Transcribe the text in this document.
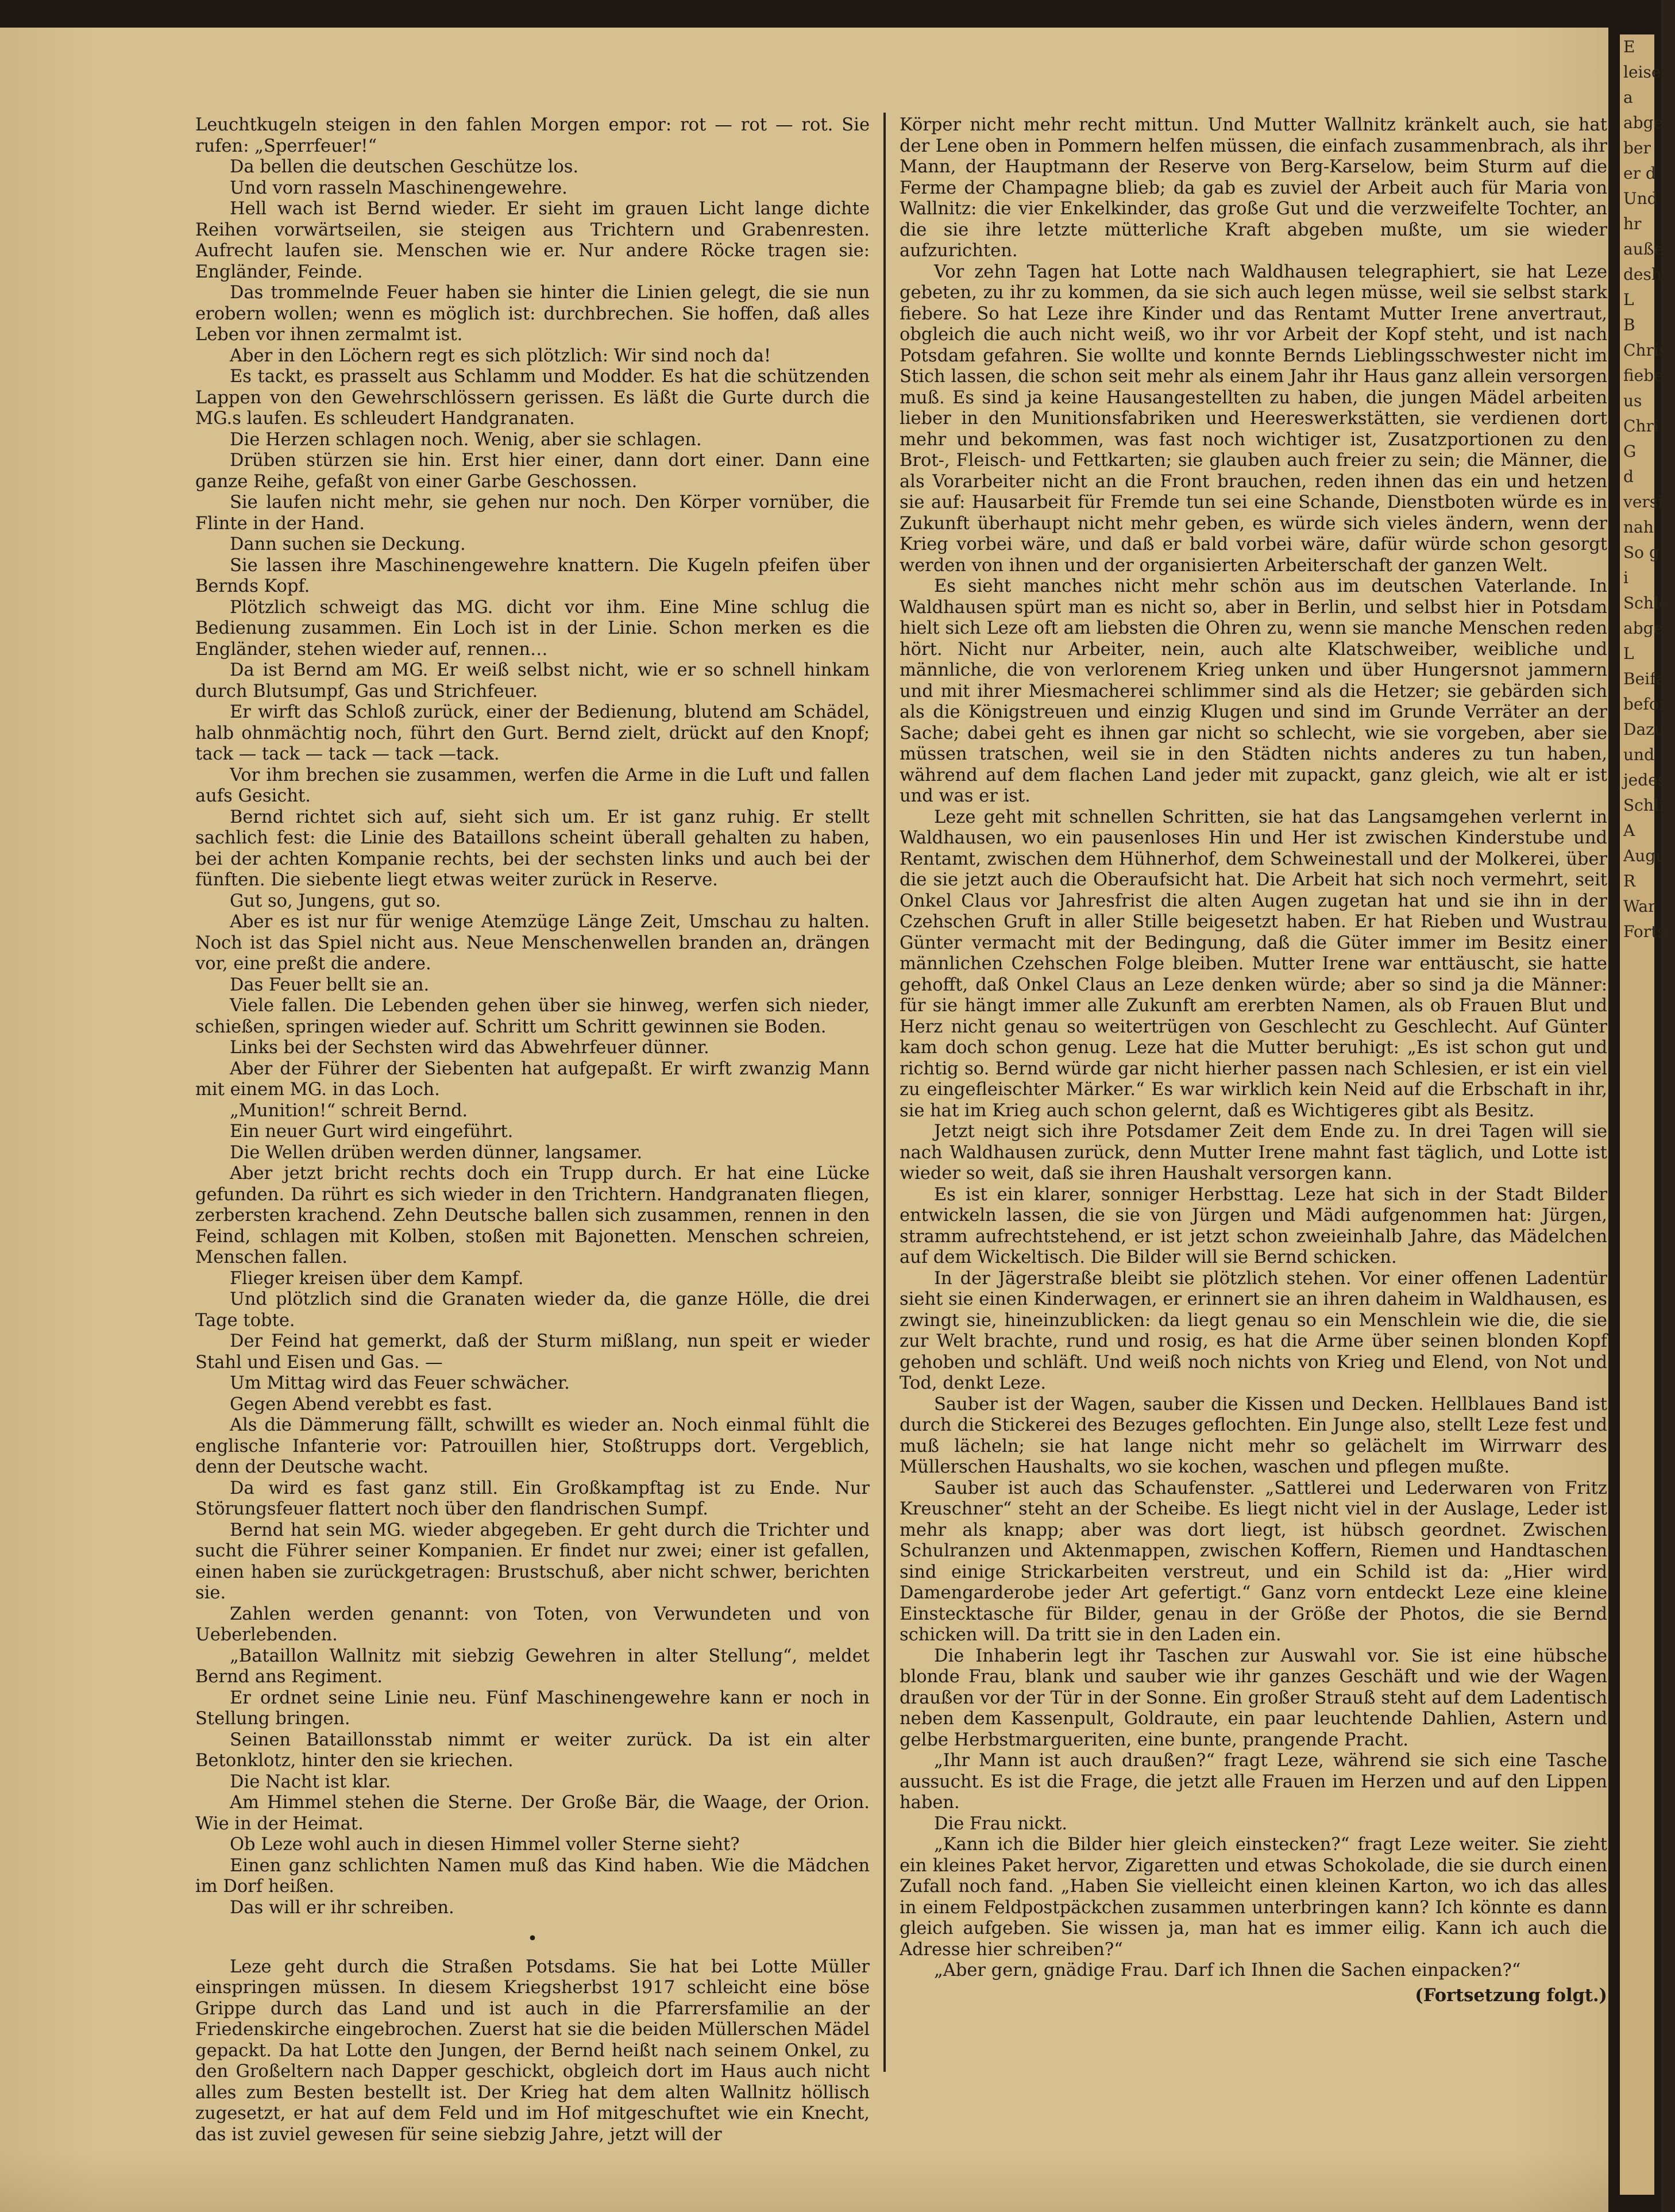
Leuchtkugeln steigen in den fahlen Morgen empor: rot — rot — rot. Sie rufen: „Sperrfeuer!“

Da bellen die deutschen Geschütze los.

Und vorn rasseln Maschinengewehre.

Hell wach ist Bernd wieder. Er sieht im grauen Licht lange dichte Reihen vorwärtseilen, sie steigen aus Trichtern und Grabenresten. Aufrecht laufen sie. Menschen wie er. Nur andere Röcke tragen sie: Engländer, Feinde.

Das trommelnde Feuer haben sie hinter die Linien gelegt, die sie nun erobern wollen; wenn es möglich ist: durchbrechen. Sie hoffen, daß alles Leben vor ihnen zermalmt ist.

Aber in den Löchern regt es sich plötzlich: Wir sind noch da!

Es tackt, es prasselt aus Schlamm und Modder. Es hat die schützenden Lappen von den Gewehrschlössern gerissen. Es läßt die Gurte durch die MG.s laufen. Es schleudert Handgranaten.

Die Herzen schlagen noch. Wenig, aber sie schlagen.

Drüben stürzen sie hin. Erst hier einer, dann dort einer. Dann eine ganze Reihe, gefaßt von einer Garbe Geschossen.

Sie laufen nicht mehr, sie gehen nur noch. Den Körper vornüber, die Flinte in der Hand.

Dann suchen sie Deckung.

Sie lassen ihre Maschinengewehre knattern. Die Kugeln pfeifen über Bernds Kopf.

Plötzlich schweigt das MG. dicht vor ihm. Eine Mine schlug die Bedienung zusammen. Ein Loch ist in der Linie. Schon merken es die Engländer, stehen wieder auf, rennen…

Da ist Bernd am MG. Er weiß selbst nicht, wie er so schnell hinkam durch Blutsumpf, Gas und Strichfeuer.

Er wirft das Schloß zurück, einer der Bedienung, blutend am Schädel, halb ohnmächtig noch, führt den Gurt. Bernd zielt, drückt auf den Knopf; tack — tack — tack — tack —tack.

Vor ihm brechen sie zusammen, werfen die Arme in die Luft und fallen aufs Gesicht.

Bernd richtet sich auf, sieht sich um. Er ist ganz ruhig. Er stellt sachlich fest: die Linie des Bataillons scheint überall gehalten zu haben, bei der achten Kompanie rechts, bei der sechsten links und auch bei der fünften. Die siebente liegt etwas weiter zurück in Reserve.

Gut so, Jungens, gut so.

Aber es ist nur für wenige Atemzüge Länge Zeit, Umschau zu halten. Noch ist das Spiel nicht aus. Neue Menschenwellen branden an, drängen vor, eine preßt die andere.

Das Feuer bellt sie an.

Viele fallen. Die Lebenden gehen über sie hinweg, werfen sich nieder, schießen, springen wieder auf. Schritt um Schritt gewinnen sie Boden.

Links bei der Sechsten wird das Abwehrfeuer dünner.

Aber der Führer der Siebenten hat aufgepaßt. Er wirft zwanzig Mann mit einem MG. in das Loch.

„Munition!“ schreit Bernd.

Ein neuer Gurt wird eingeführt.

Die Wellen drüben werden dünner, langsamer.

Aber jetzt bricht rechts doch ein Trupp durch. Er hat eine Lücke gefunden. Da rührt es sich wieder in den Trichtern. Handgranaten fliegen, zerbersten krachend. Zehn Deutsche ballen sich zusammen, rennen in den Feind, schlagen mit Kolben, stoßen mit Bajonetten. Menschen schreien, Menschen fallen.

Flieger kreisen über dem Kampf.

Und plötzlich sind die Granaten wieder da, die ganze Hölle, die drei Tage tobte.

Der Feind hat gemerkt, daß der Sturm mißlang, nun speit er wieder Stahl und Eisen und Gas. —

Um Mittag wird das Feuer schwächer.

Gegen Abend verebbt es fast.

Als die Dämmerung fällt, schwillt es wieder an. Noch einmal fühlt die englische Infanterie vor: Patrouillen hier, Stoßtrupps dort. Vergeblich, denn der Deutsche wacht.

Da wird es fast ganz still. Ein Großkampftag ist zu Ende. Nur Störungsfeuer flattert noch über den flandrischen Sumpf.

Bernd hat sein MG. wieder abgegeben. Er geht durch die Trichter und sucht die Führer seiner Kompanien. Er findet nur zwei; einer ist gefallen, einen haben sie zurückgetragen: Brustschuß, aber nicht schwer, berichten sie.

Zahlen werden genannt: von Toten, von Verwundeten und von Ueberlebenden.

„Bataillon Wallnitz mit siebzig Gewehren in alter Stellung“, meldet Bernd ans Regiment.

Er ordnet seine Linie neu. Fünf Maschinengewehre kann er noch in Stellung bringen.

Seinen Bataillonsstab nimmt er weiter zurück. Da ist ein alter Betonklotz, hinter den sie kriechen.

Die Nacht ist klar.

Am Himmel stehen die Sterne. Der Große Bär, die Waage, der Orion. Wie in der Heimat.

Ob Leze wohl auch in diesen Himmel voller Sterne sieht?

Einen ganz schlichten Namen muß das Kind haben. Wie die Mädchen im Dorf heißen.

Das will er ihr schreiben.

•

Leze geht durch die Straßen Potsdams. Sie hat bei Lotte Müller einspringen müssen. In diesem Kriegsherbst 1917 schleicht eine böse Grippe durch das Land und ist auch in die Pfarrersfamilie an der Friedenskirche eingebrochen. Zuerst hat sie die beiden Müllerschen Mädel gepackt. Da hat Lotte den Jungen, der Bernd heißt nach seinem Onkel, zu den Großeltern nach Dapper geschickt, obgleich dort im Haus auch nicht alles zum Besten bestellt ist. Der Krieg hat dem alten Wallnitz höllisch zugesetzt, er hat auf dem Feld und im Hof mitgeschuftet wie ein Knecht, das ist zuviel gewesen für seine siebzig Jahre, jetzt will der

Körper nicht mehr recht mittun. Und Mutter Wallnitz kränkelt auch, sie hat der Lene oben in Pommern helfen müssen, die einfach zusammenbrach, als ihr Mann, der Hauptmann der Reserve von Berg-Karselow, beim Sturm auf die Ferme der Champagne blieb; da gab es zuviel der Arbeit auch für Maria von Wallnitz: die vier Enkelkinder, das große Gut und die verzweifelte Tochter, an die sie ihre letzte mütterliche Kraft abgeben mußte, um sie wieder aufzurichten.

Vor zehn Tagen hat Lotte nach Waldhausen telegraphiert, sie hat Leze gebeten, zu ihr zu kommen, da sie sich auch legen müsse, weil sie selbst stark fiebere. So hat Leze ihre Kinder und das Rentamt Mutter Irene anvertraut, obgleich die auch nicht weiß, wo ihr vor Arbeit der Kopf steht, und ist nach Potsdam gefahren. Sie wollte und konnte Bernds Lieblingsschwester nicht im Stich lassen, die schon seit mehr als einem Jahr ihr Haus ganz allein versorgen muß. Es sind ja keine Hausangestellten zu haben, die jungen Mädel arbeiten lieber in den Munitionsfabriken und Heereswerkstätten, sie verdienen dort mehr und bekommen, was fast noch wichtiger ist, Zusatzportionen zu den Brot-, Fleisch- und Fettkarten; sie glauben auch freier zu sein; die Männer, die als Vorarbeiter nicht an die Front brauchen, reden ihnen das ein und hetzen sie auf: Hausarbeit für Fremde tun sei eine Schande, Dienstboten würde es in Zukunft überhaupt nicht mehr geben, es würde sich vieles ändern, wenn der Krieg vorbei wäre, und daß er bald vorbei wäre, dafür würde schon gesorgt werden von ihnen und der organisierten Arbeiterschaft der ganzen Welt.

Es sieht manches nicht mehr schön aus im deutschen Vaterlande. In Waldhausen spürt man es nicht so, aber in Berlin, und selbst hier in Potsdam hielt sich Leze oft am liebsten die Ohren zu, wenn sie manche Menschen reden hört. Nicht nur Arbeiter, nein, auch alte Klatschweiber, weibliche und männliche, die von verlorenem Krieg unken und über Hungersnot jammern und mit ihrer Miesmacherei schlimmer sind als die Hetzer; sie gebärden sich als die Königstreuen und einzig Klugen und sind im Grunde Verräter an der Sache; dabei geht es ihnen gar nicht so schlecht, wie sie vorgeben, aber sie müssen tratschen, weil sie in den Städten nichts anderes zu tun haben, während auf dem flachen Land jeder mit zupackt, ganz gleich, wie alt er ist und was er ist.

Leze geht mit schnellen Schritten, sie hat das Langsamgehen verlernt in Waldhausen, wo ein pausenloses Hin und Her ist zwischen Kinderstube und Rentamt, zwischen dem Hühnerhof, dem Schweinestall und der Molkerei, über die sie jetzt auch die Oberaufsicht hat. Die Arbeit hat sich noch vermehrt, seit Onkel Claus vor Jahresfrist die alten Augen zugetan hat und sie ihn in der Czehschen Gruft in aller Stille beigesetzt haben. Er hat Rieben und Wustrau Günter vermacht mit der Bedingung, daß die Güter immer im Besitz einer männlichen Czehschen Folge bleiben. Mutter Irene war enttäuscht, sie hatte gehofft, daß Onkel Claus an Leze denken würde; aber so sind ja die Männer: für sie hängt immer alle Zukunft am ererbten Namen, als ob Frauen Blut und Herz nicht genau so weitertrügen von Geschlecht zu Geschlecht. Auf Günter kam doch schon genug. Leze hat die Mutter beruhigt: „Es ist schon gut und richtig so. Bernd würde gar nicht hierher passen nach Schlesien, er ist ein viel zu eingefleischter Märker.“ Es war wirklich kein Neid auf die Erbschaft in ihr, sie hat im Krieg auch schon gelernt, daß es Wichtigeres gibt als Besitz.

Jetzt neigt sich ihre Potsdamer Zeit dem Ende zu. In drei Tagen will sie nach Waldhausen zurück, denn Mutter Irene mahnt fast täglich, und Lotte ist wieder so weit, daß sie ihren Haushalt versorgen kann.

Es ist ein klarer, sonniger Herbsttag. Leze hat sich in der Stadt Bilder entwickeln lassen, die sie von Jürgen und Mädi aufgenommen hat: Jürgen, stramm aufrechtstehend, er ist jetzt schon zweieinhalb Jahre, das Mädelchen auf dem Wickeltisch. Die Bilder will sie Bernd schicken.

In der Jägerstraße bleibt sie plötzlich stehen. Vor einer offenen Ladentür sieht sie einen Kinderwagen, er erinnert sie an ihren daheim in Waldhausen, es zwingt sie, hineinzublicken: da liegt genau so ein Menschlein wie die, die sie zur Welt brachte, rund und rosig, es hat die Arme über seinen blonden Kopf gehoben und schläft. Und weiß noch nichts von Krieg und Elend, von Not und Tod, denkt Leze.

Sauber ist der Wagen, sauber die Kissen und Decken. Hellblaues Band ist durch die Stickerei des Bezuges geflochten. Ein Junge also, stellt Leze fest und muß lächeln; sie hat lange nicht mehr so gelächelt im Wirrwarr des Müllerschen Haushalts, wo sie kochen, waschen und pflegen mußte.

Sauber ist auch das Schaufenster. „Sattlerei und Lederwaren von Fritz Kreuschner“ steht an der Scheibe. Es liegt nicht viel in der Auslage, Leder ist mehr als knapp; aber was dort liegt, ist hübsch geordnet. Zwischen Schulranzen und Aktenmappen, zwischen Koffern, Riemen und Handtaschen sind einige Strickarbeiten verstreut, und ein Schild ist da: „Hier wird Damengarderobe jeder Art gefertigt.“ Ganz vorn entdeckt Leze eine kleine Einstecktasche für Bilder, genau in der Größe der Photos, die sie Bernd schicken will. Da tritt sie in den Laden ein.

Die Inhaberin legt ihr Taschen zur Auswahl vor. Sie ist eine hübsche blonde Frau, blank und sauber wie ihr ganzes Geschäft und wie der Wagen draußen vor der Tür in der Sonne. Ein großer Strauß steht auf dem Ladentisch neben dem Kassenpult, Goldraute, ein paar leuchtende Dahlien, Astern und gelbe Herbstmargueriten, eine bunte, prangende Pracht.

„Ihr Mann ist auch draußen?“ fragt Leze, während sie sich eine Tasche aussucht. Es ist die Frage, die jetzt alle Frauen im Herzen und auf den Lippen haben.

Die Frau nickt.

„Kann ich die Bilder hier gleich einstecken?“ fragt Leze weiter. Sie zieht ein kleines Paket hervor, Zigaretten und etwas Schokolade, die sie durch einen Zufall noch fand. „Haben Sie vielleicht einen kleinen Karton, wo ich das alles in einem Feldpostpäckchen zusammen unterbringen kann? Ich könnte es dann gleich aufgeben. Sie wissen ja, man hat es immer eilig. Kann ich auch die Adresse hier schreiben?“

„Aber gern, gnädige Frau. Darf ich Ihnen die Sachen einpacken?“

(Fortsetzung folgt.)
E
leise
a
abge
ber
er d
Und
hr
auße
desh
L
B
Chris
fiebe
us
Chri
G
d
versi
nah
So g
i
Schle
abge
L
Beifa
befor
Dazu
und
jedes
Schli
A
Augu
R
War
Fortse
